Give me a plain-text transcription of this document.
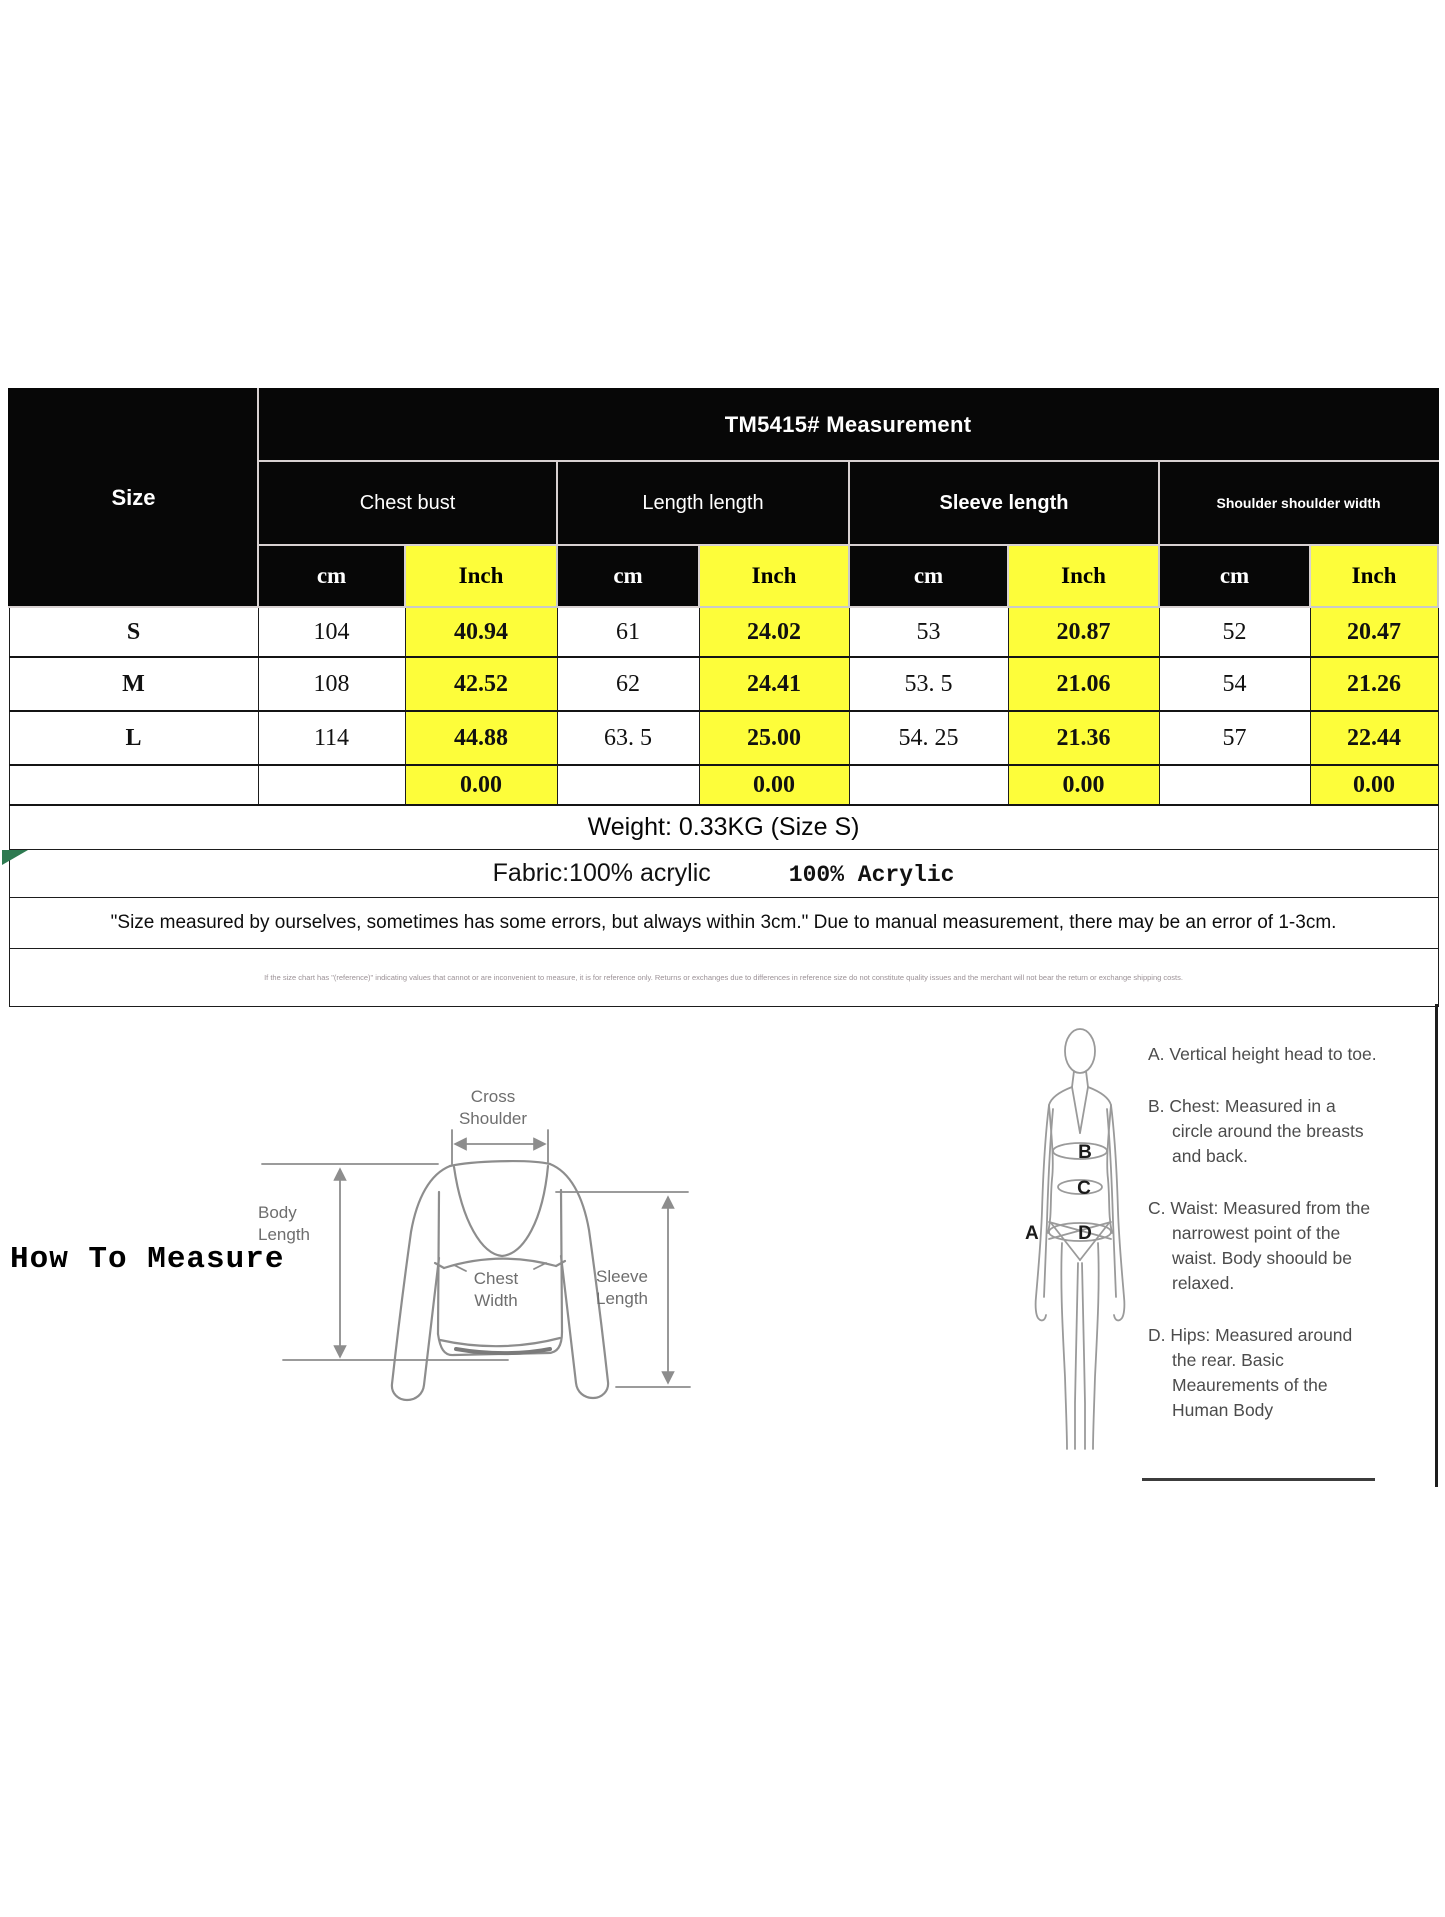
Size	TM5415# Measurement							
	Chest bust		Length length		Sleeve length		Shoulder shoulder width	
	cm	Inch	cm	Inch	cm	Inch	cm	Inch
S	104	40.94	61	24.02	53	20.87	52	20.47
M	108	42.52	62	24.41	53. 5	21.06	54	21.26
L	114	44.88	63. 5	25.00	54. 25	21.36	57	22.44
		0.00		0.00		0.00		0.00
Weight: 0.33KG (Size S)								
Fabric:100% acrylic 100% Acrylic								
"Size measured by ourselves, sometimes has some errors, but always within 3cm." Due to manual measurement, there may be an error of 1-3cm.								
If the size chart has "(reference)" indicating values that cannot or are inconvenient to measure, it is for reference only. Returns or exchanges due to differences in reference size do not constitute quality issues and the merchant will not bear the return or exchange shipping costs.								
How To Measure
Cross
Shoulder
Body
Length
Chest
Width
Sleeve
Length
A
B
C
D

A. Vertical height head to toe.

B. Chest: Measured in a circle around the breasts and back.

C. Waist: Measured from the narrowest point of the waist. Body shoould be relaxed.

D. Hips: Measured around the rear. Basic Meaurements of the Human Body
